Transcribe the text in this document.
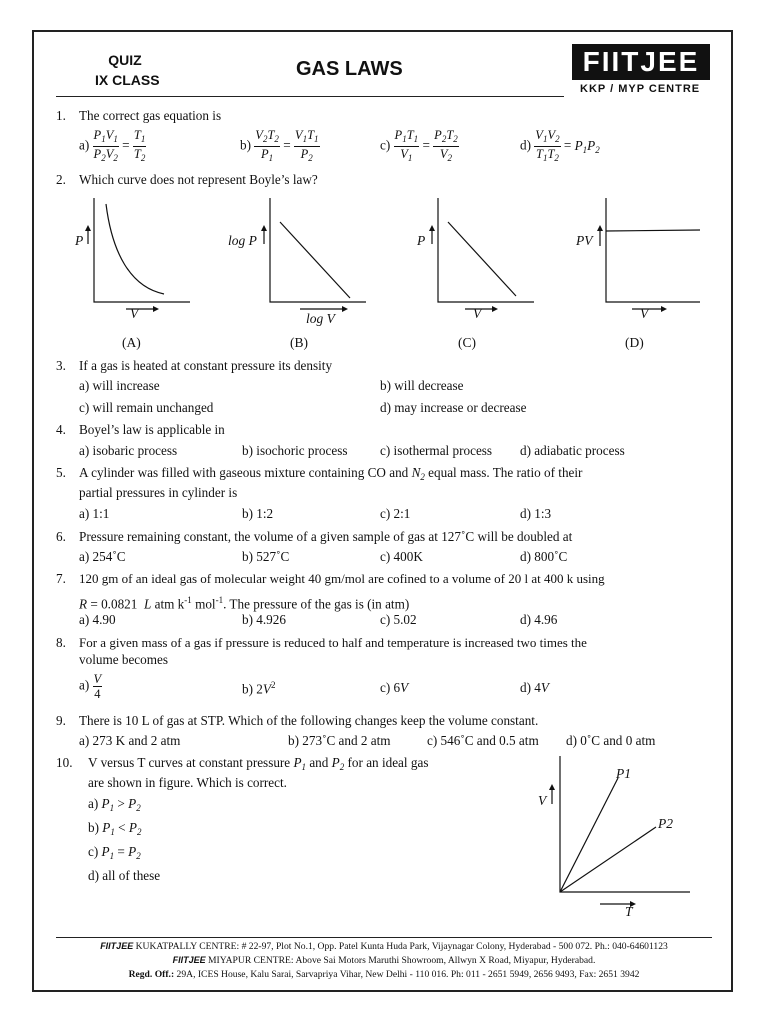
QUIZ
IX CLASS	GAS LAWS	FIITJEE
KKP / MYP CENTRE
1. The correct gas equation is
$a) \frac{P_1V_1}{P_2V_2} = \frac{T_1}{T_2}$	$b) \frac{V_2T_2}{P_1} = \frac{V_1T_1}{P_2}$	$c) \frac{P_1T_1}{V_1} = \frac{P_2T_2}{V_2}$	$d) \frac{V_1V_2}{T_1T_2} = P_1P_2$
2. Which curve does not represent Boyle’s law?
P
V
(A)
log P
log V
(B)
P
V
(C)
PV
V
(D)
3. If a gas is heated at constant pressure its density
a) will increase	b) will decrease
c) will remain unchanged	d) may increase or decrease
4. Boyel’s law is applicable in
a) isobaric process	b) isochoric process c) isothermal process d) adiabatic process
5. A cylinder was filled with gaseous mixture containing CO and $N_2$ equal mass. The ratio of their
partial pressures in cylinder is
a) 1:1	b) 1:2	c) 2:1	d) 1:3
6. Pressure remaining constant, the volume of a given sample of gas at 127˚C will be doubled at
a) 254˚C	b) 527˚C	c) 400K	d) 800˚C
7. 120 gm of an ideal gas of molecular weight 40 gm/mol are cofined to a volume of 20 l at 400 k using
R = 0.0821  L atm $k^{-1}$ mol$^{-1}$. The pressure of the gas is (in atm)
a) 4.90	b) 4.926	c) 5.02	d) 4.96
8. For a given mass of a gas if pressure is reduced to half and temperature is increased two times the
volume becomes
$a) \frac{V}{4}$	b) $2V^2$	c) 6V	d) 4V
9. There is 10 L of gas at STP. Which of the following changes keep the volume constant.
a) 273 K and 2 atm	b) 273˚C and 2 atm	c) 546˚C and 0.5 atm d) 0˚C and 0 atm
10. V versus T curves at constant pressure $P_1$ and $P_2$ for an ideal gas
are shown in figure. Which is correct.
a) $P_1 > P_2$
b) $P_1 < P_2$
c) $P_1 = P_2$
d) all of these
V
T
P1
P2
FIITJEE KUKATPALLY CENTRE: # 22-97, Plot No.1, Opp. Patel Kunta Huda Park, Vijaynagar Colony, Hyderabad - 500 072. Ph.: 040-64601123
FIITJEE MIYAPUR CENTRE: Above Sai Motors Maruthi Showroom, Allwyn X Road, Miyapur, Hyderabad.
Regd. Off.: 29A, ICES House, Kalu Sarai, Sarvapriya Vihar, New Delhi - 110 016. Ph: 011 - 2651 5949, 2656 9493, Fax: 2651 3942
